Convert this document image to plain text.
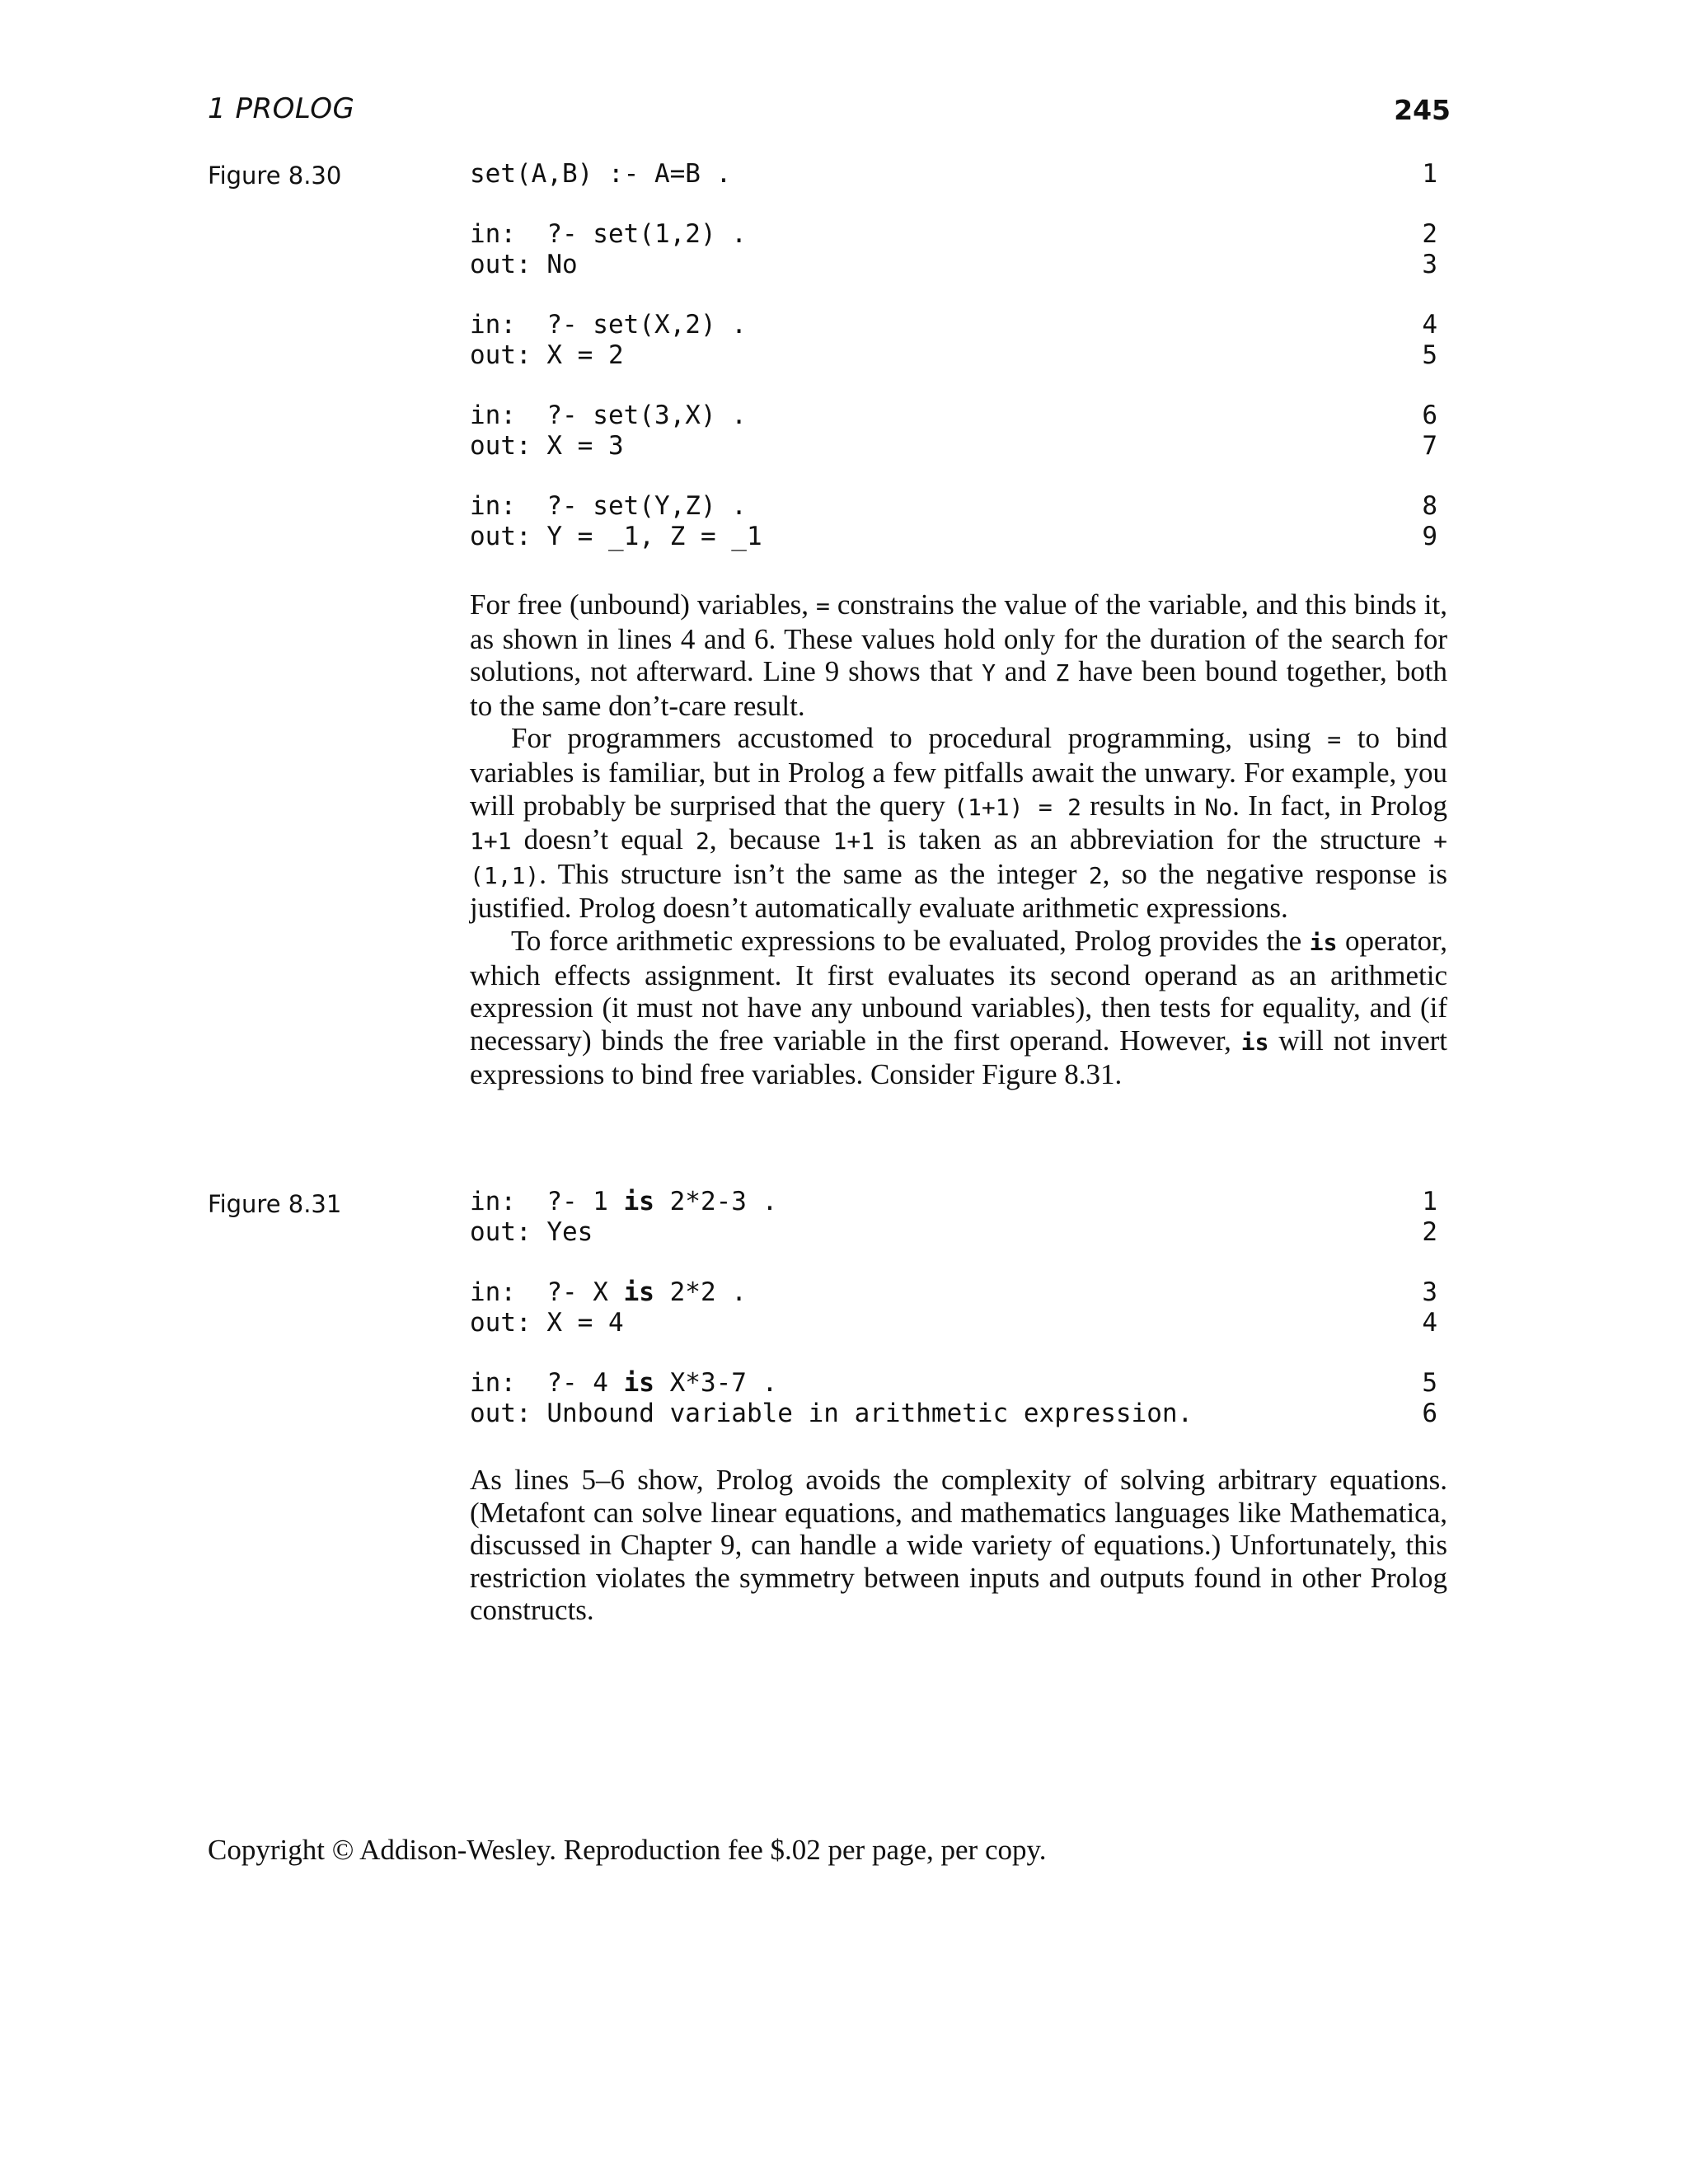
1 PROLOG	245
Figure 8.30	set(A,B) :- A=B .	1
in:  ?- set(1,2) .	2
out: No	3
in:  ?- set(X,2) .	4
out: X = 2	5
in:  ?- set(3,X) .	6
out: X = 3	7
in:  ?- set(Y,Z) .	8
out: Y = _1, Z = _1	9

For free (unbound) variables, = constrains the value of the variable, and this binds it, as shown in lines 4 and 6. These values hold only for the duration of the search for solutions, not afterward. Line 9 shows that Y and Z have been bound together, both to the same don’t-care result.

For programmers accustomed to procedural programming, using = to bind variables is familiar, but in Prolog a few pitfalls await the unwary. For example, you will probably be surprised that the query (1+1) = 2 results in No. In fact, in Prolog 1+1 doesn’t equal 2, because 1+1 is taken as an abbreviation for the structure +(1,1). This structure isn’t the same as the integer 2, so the negative response is justified. Prolog doesn’t automatically evaluate arithmetic expressions.

To force arithmetic expressions to be evaluated, Prolog provides the is operator, which effects assignment. It first evaluates its second operand as an arithmetic expression (it must not have any unbound variables), then tests for equality, and (if necessary) binds the free variable in the first operand. However, is will not invert expressions to bind free variables. Consider Figure 8.31.

Figure 8.31	in:  ?- 1 is 2*2-3 .	1
out: Yes	2
in:  ?- X is 2*2 .	3
out: X = 4	4
in:  ?- 4 is X*3-7 .	5
out: Unbound variable in arithmetic expression.	6

As lines 5–6 show, Prolog avoids the complexity of solving arbitrary equations. (Metafont can solve linear equations, and mathematics languages like Mathematica, discussed in Chapter 9, can handle a wide variety of equations.) Unfortunately, this restriction violates the symmetry between inputs and outputs found in other Prolog constructs.

Copyright © Addison-Wesley. Reproduction fee $.02 per page, per copy.
